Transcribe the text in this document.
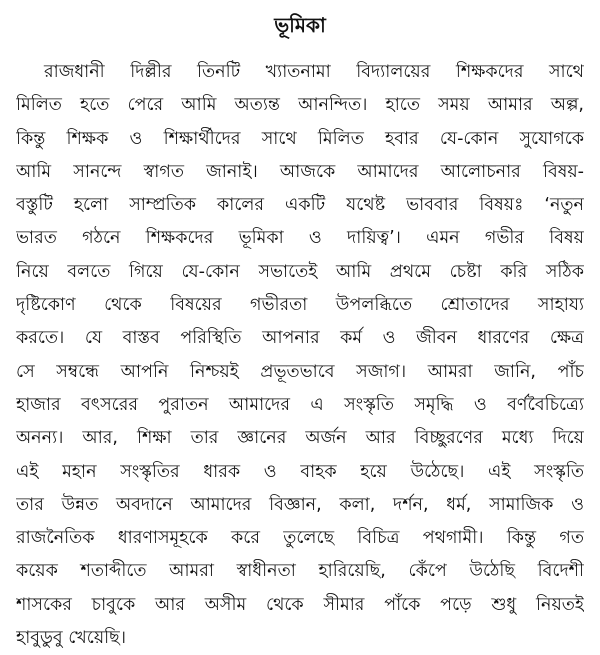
ভূমিকা
রাজধানী দিল্লীর তিনটি খ্যাতনামা বিদ্যালয়ের শিক্ষকদের সাথে
মিলিত হতে পেরে আমি অত্যন্ত আনন্দিত। হাতে সময় আমার অল্প,
কিন্তু শিক্ষক ও শিক্ষার্থীদের সাথে মিলিত হবার যে-কোন সুযোগকে
আমি সানন্দে স্বাগত জানাই। আজকে আমাদের আলোচনার বিষয়-
বস্তুটি হলো সাম্প্রতিক কালের একটি যথেষ্ট ভাববার বিষয়ঃ ‘নতুন
ভারত গঠনে শিক্ষকদের ভূমিকা ও দায়িত্ব’। এমন গভীর বিষয়
নিয়ে বলতে গিয়ে যে-কোন সভাতেই আমি প্রথমে চেষ্টা করি সঠিক
দৃষ্টিকোণ থেকে বিষয়ের গভীরতা উপলব্ধিতে শ্রোতাদের সাহায্য
করতে। যে বাস্তব পরিস্থিতি আপনার কর্ম ও জীবন ধারণের ক্ষেত্র
সে সম্বন্ধে আপনি নিশ্চয়ই প্রভূতভাবে সজাগ। আমরা জানি, পাঁচ
হাজার বৎসরের পুরাতন আমাদের এ সংস্কৃতি সমৃদ্ধি ও বর্ণবৈচিত্র্যে
অনন্য। আর, শিক্ষা তার জ্ঞানের অর্জন আর বিচ্ছুরণের মধ্যে দিয়ে
এই মহান সংস্কৃতির ধারক ও বাহক হয়ে উঠেছে। এই সংস্কৃতি
তার উন্নত অবদানে আমাদের বিজ্ঞান, কলা, দর্শন, ধর্ম, সামাজিক ও
রাজনৈতিক ধারণাসমূহকে করে তুলেছে বিচিত্র পথগামী। কিন্তু গত
কয়েক শতাব্দীতে আমরা স্বাধীনতা হারিয়েছি, কেঁপে উঠেছি বিদেশী
শাসকের চাবুকে আর অসীম থেকে সীমার পাঁকে পড়ে শুধু নিয়তই
হাবুডুবু খেয়েছি।
